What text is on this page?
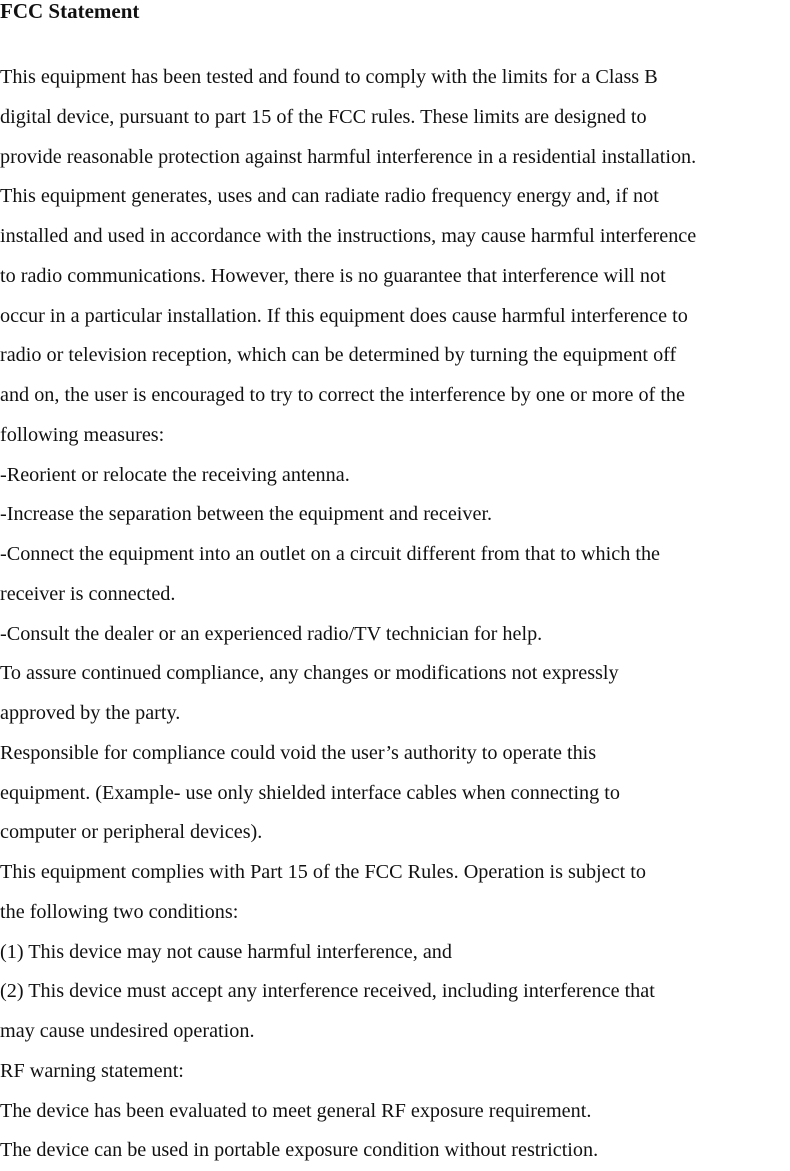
FCC Statement
This equipment has been tested and found to comply with the limits for a Class B
digital device, pursuant to part 15 of the FCC rules. These limits are designed to
provide reasonable protection against harmful interference in a residential installation.
This equipment generates, uses and can radiate radio frequency energy and, if not
installed and used in accordance with the instructions, may cause harmful interference
to radio communications. However, there is no guarantee that interference will not
occur in a particular installation. If this equipment does cause harmful interference to
radio or television reception, which can be determined by turning the equipment off
and on, the user is encouraged to try to correct the interference by one or more of the
following measures:
-Reorient or relocate the receiving antenna.
-Increase the separation between the equipment and receiver.
-Connect the equipment into an outlet on a circuit different from that to which the
receiver is connected.
-Consult the dealer or an experienced radio/TV technician for help.
To assure continued compliance, any changes or modifications not expressly
approved by the party.
Responsible for compliance could void the user’s authority to operate this
equipment. (Example- use only shielded interface cables when connecting to
computer or peripheral devices).
This equipment complies with Part 15 of the FCC Rules. Operation is subject to
the following two conditions:
(1) This device may not cause harmful interference, and
(2) This device must accept any interference received, including interference that
may cause undesired operation.
RF warning statement:
The device has been evaluated to meet general RF exposure requirement.
The device can be used in portable exposure condition without restriction.
